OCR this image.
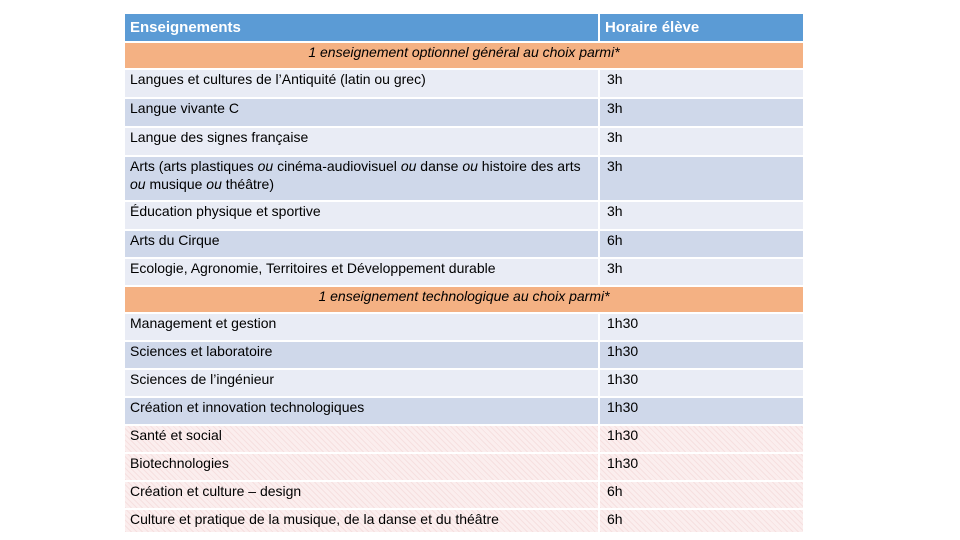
Enseignements	Horaire élève
1 enseignement optionnel général au choix parmi*	
Langues et cultures de l’Antiquité (latin ou grec)	3h
Langue vivante C	3h
Langue des signes française	3h
Arts (arts plastiques ou cinéma-audiovisuel ou danse ou histoire des arts ou musique ou théâtre)	3h
Éducation physique et sportive	3h
Arts du Cirque	6h
Ecologie, Agronomie, Territoires et Développement durable	3h
1 enseignement technologique au choix parmi*	
Management et gestion	1h30
Sciences et laboratoire	1h30
Sciences de l’ingénieur	1h30
Création et innovation technologiques	1h30
Santé et social	1h30
Biotechnologies	1h30
Création et culture – design	6h
Culture et pratique de la musique, de la danse et du théâtre	6h
